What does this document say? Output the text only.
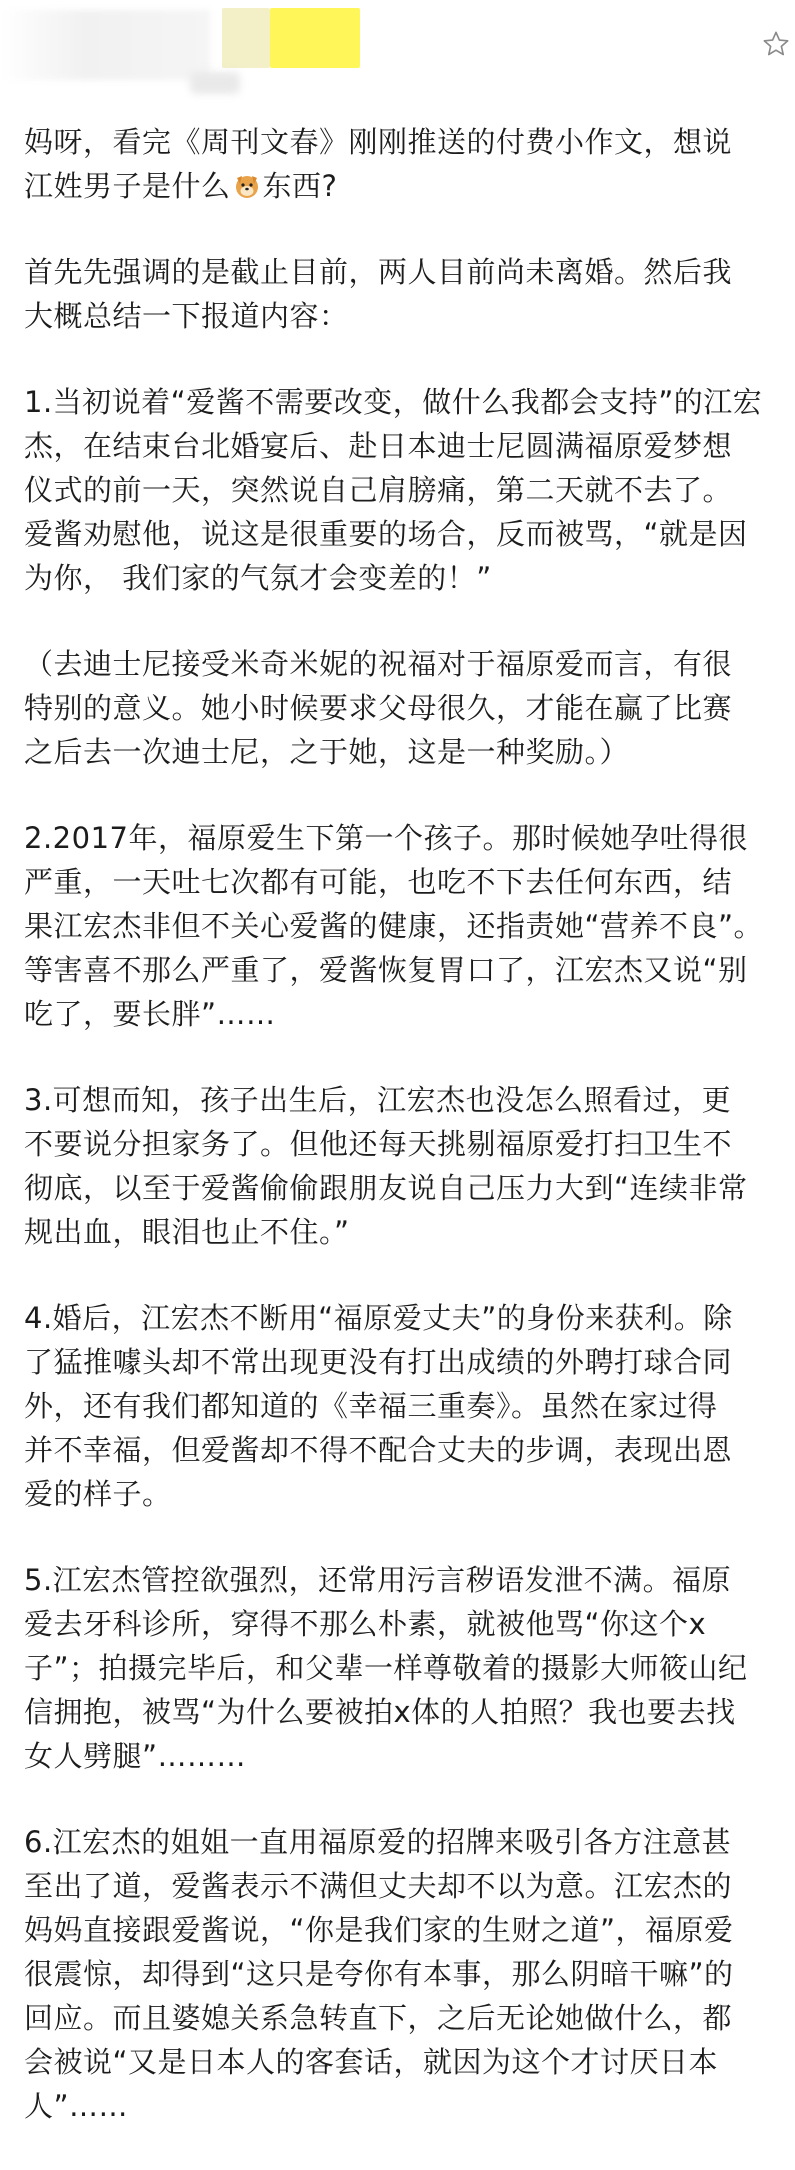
妈呀，看完《周刊文春》刚刚推送的付费小作文，想说
江姓男子是什么 东西?

首先先强调的是截止目前，两人目前尚未离婚。然后我
大概总结一下报道内容：

1.当初说着“爱酱不需要改变，做什么我都会支持”的江宏
杰，在结束台北婚宴后、赴日本迪士尼圆满福原爱梦想
仪式的前一天，突然说自己肩膀痛，第二天就不去了。
爱酱劝慰他，说这是很重要的场合，反而被骂，“就是因
为你， 我们家的气氛才会变差的！”

（去迪士尼接受米奇米妮的祝福对于福原爱而言，有很
特别的意义。她小时候要求父母很久，才能在赢了比赛
之后去一次迪士尼，之于她，这是一种奖励。）

2.2017年，福原爱生下第一个孩子。那时候她孕吐得很
严重，一天吐七次都有可能，也吃不下去任何东西，结
果江宏杰非但不关心爱酱的健康，还指责她“营养不良”。
等害喜不那么严重了，爱酱恢复胃口了，江宏杰又说“别
吃了，要长胖”……

3.可想而知，孩子出生后，江宏杰也没怎么照看过，更
不要说分担家务了。但他还每天挑剔福原爱打扫卫生不
彻底，以至于爱酱偷偷跟朋友说自己压力大到“连续非常
规出血，眼泪也止不住。”

4.婚后，江宏杰不断用“福原爱丈夫”的身份来获利。除
了猛推噱头却不常出现更没有打出成绩的外聘打球合同
外，还有我们都知道的《幸福三重奏》。虽然在家过得
并不幸福，但爱酱却不得不配合丈夫的步调，表现出恩
爱的样子。

5.江宏杰管控欲强烈，还常用污言秽语发泄不满。福原
爱去牙科诊所，穿得不那么朴素，就被他骂“你这个x
子”；拍摄完毕后，和父辈一样尊敬着的摄影大师筱山纪
信拥抱，被骂“为什么要被拍x体的人拍照？我也要去找
女人劈腿”………

6.江宏杰的姐姐一直用福原爱的招牌来吸引各方注意甚
至出了道，爱酱表示不满但丈夫却不以为意。江宏杰的
妈妈直接跟爱酱说，“你是我们家的生财之道”，福原爱
很震惊，却得到“这只是夸你有本事，那么阴暗干嘛”的
回应。而且婆媳关系急转直下，之后无论她做什么，都
会被说“又是日本人的客套话，就因为这个才讨厌日本
人”……
